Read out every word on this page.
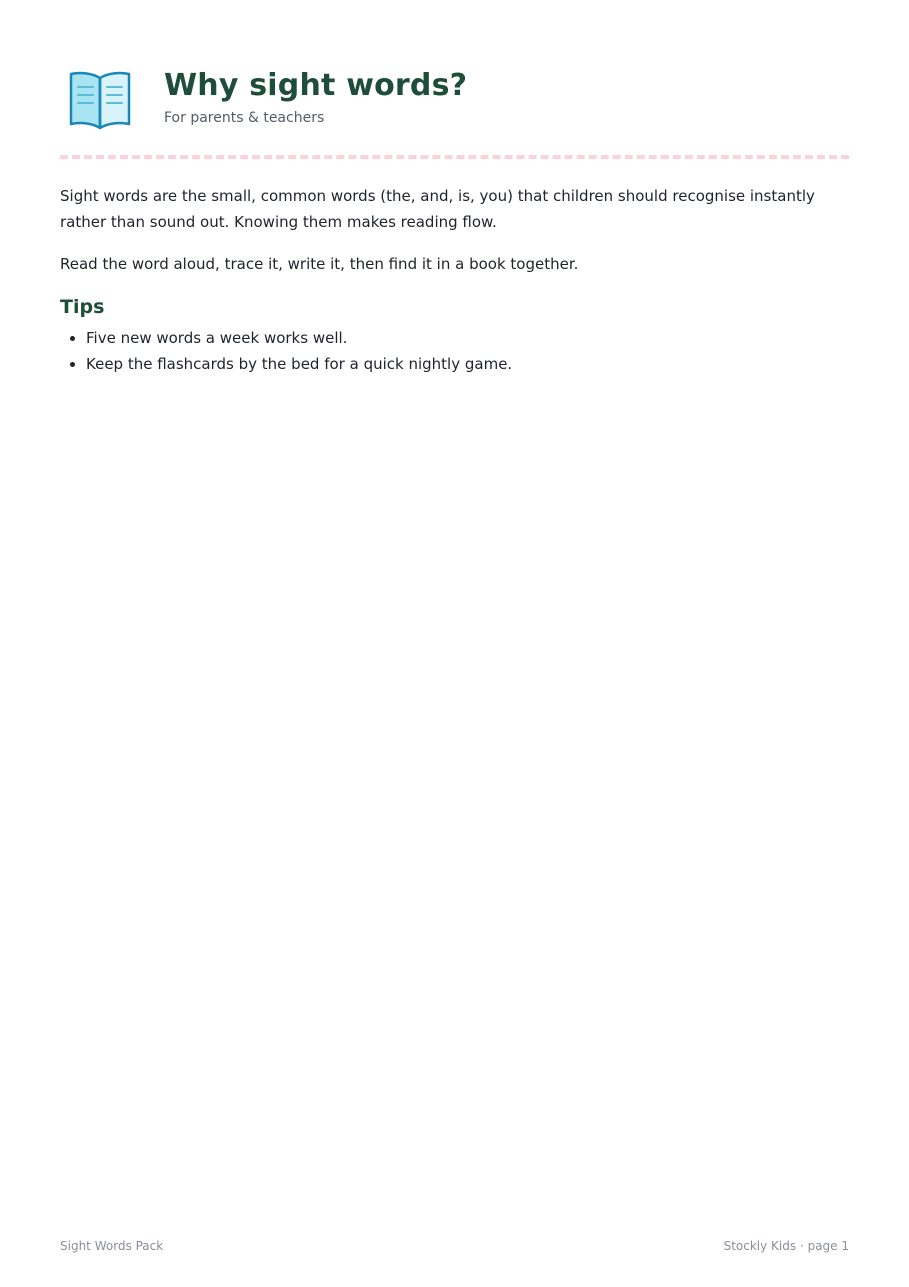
Why sight words?

For parents & teachers

Sight words are the small, common words (the, and, is, you) that children should recognise instantly rather than sound out. Knowing them makes reading flow.

Read the word aloud, trace it, write it, then find it in a book together.

Tips
• Five new words a week works well.
• Keep the flashcards by the bed for a quick nightly game.
Sight Words Pack	Stockly Kids · page 1
